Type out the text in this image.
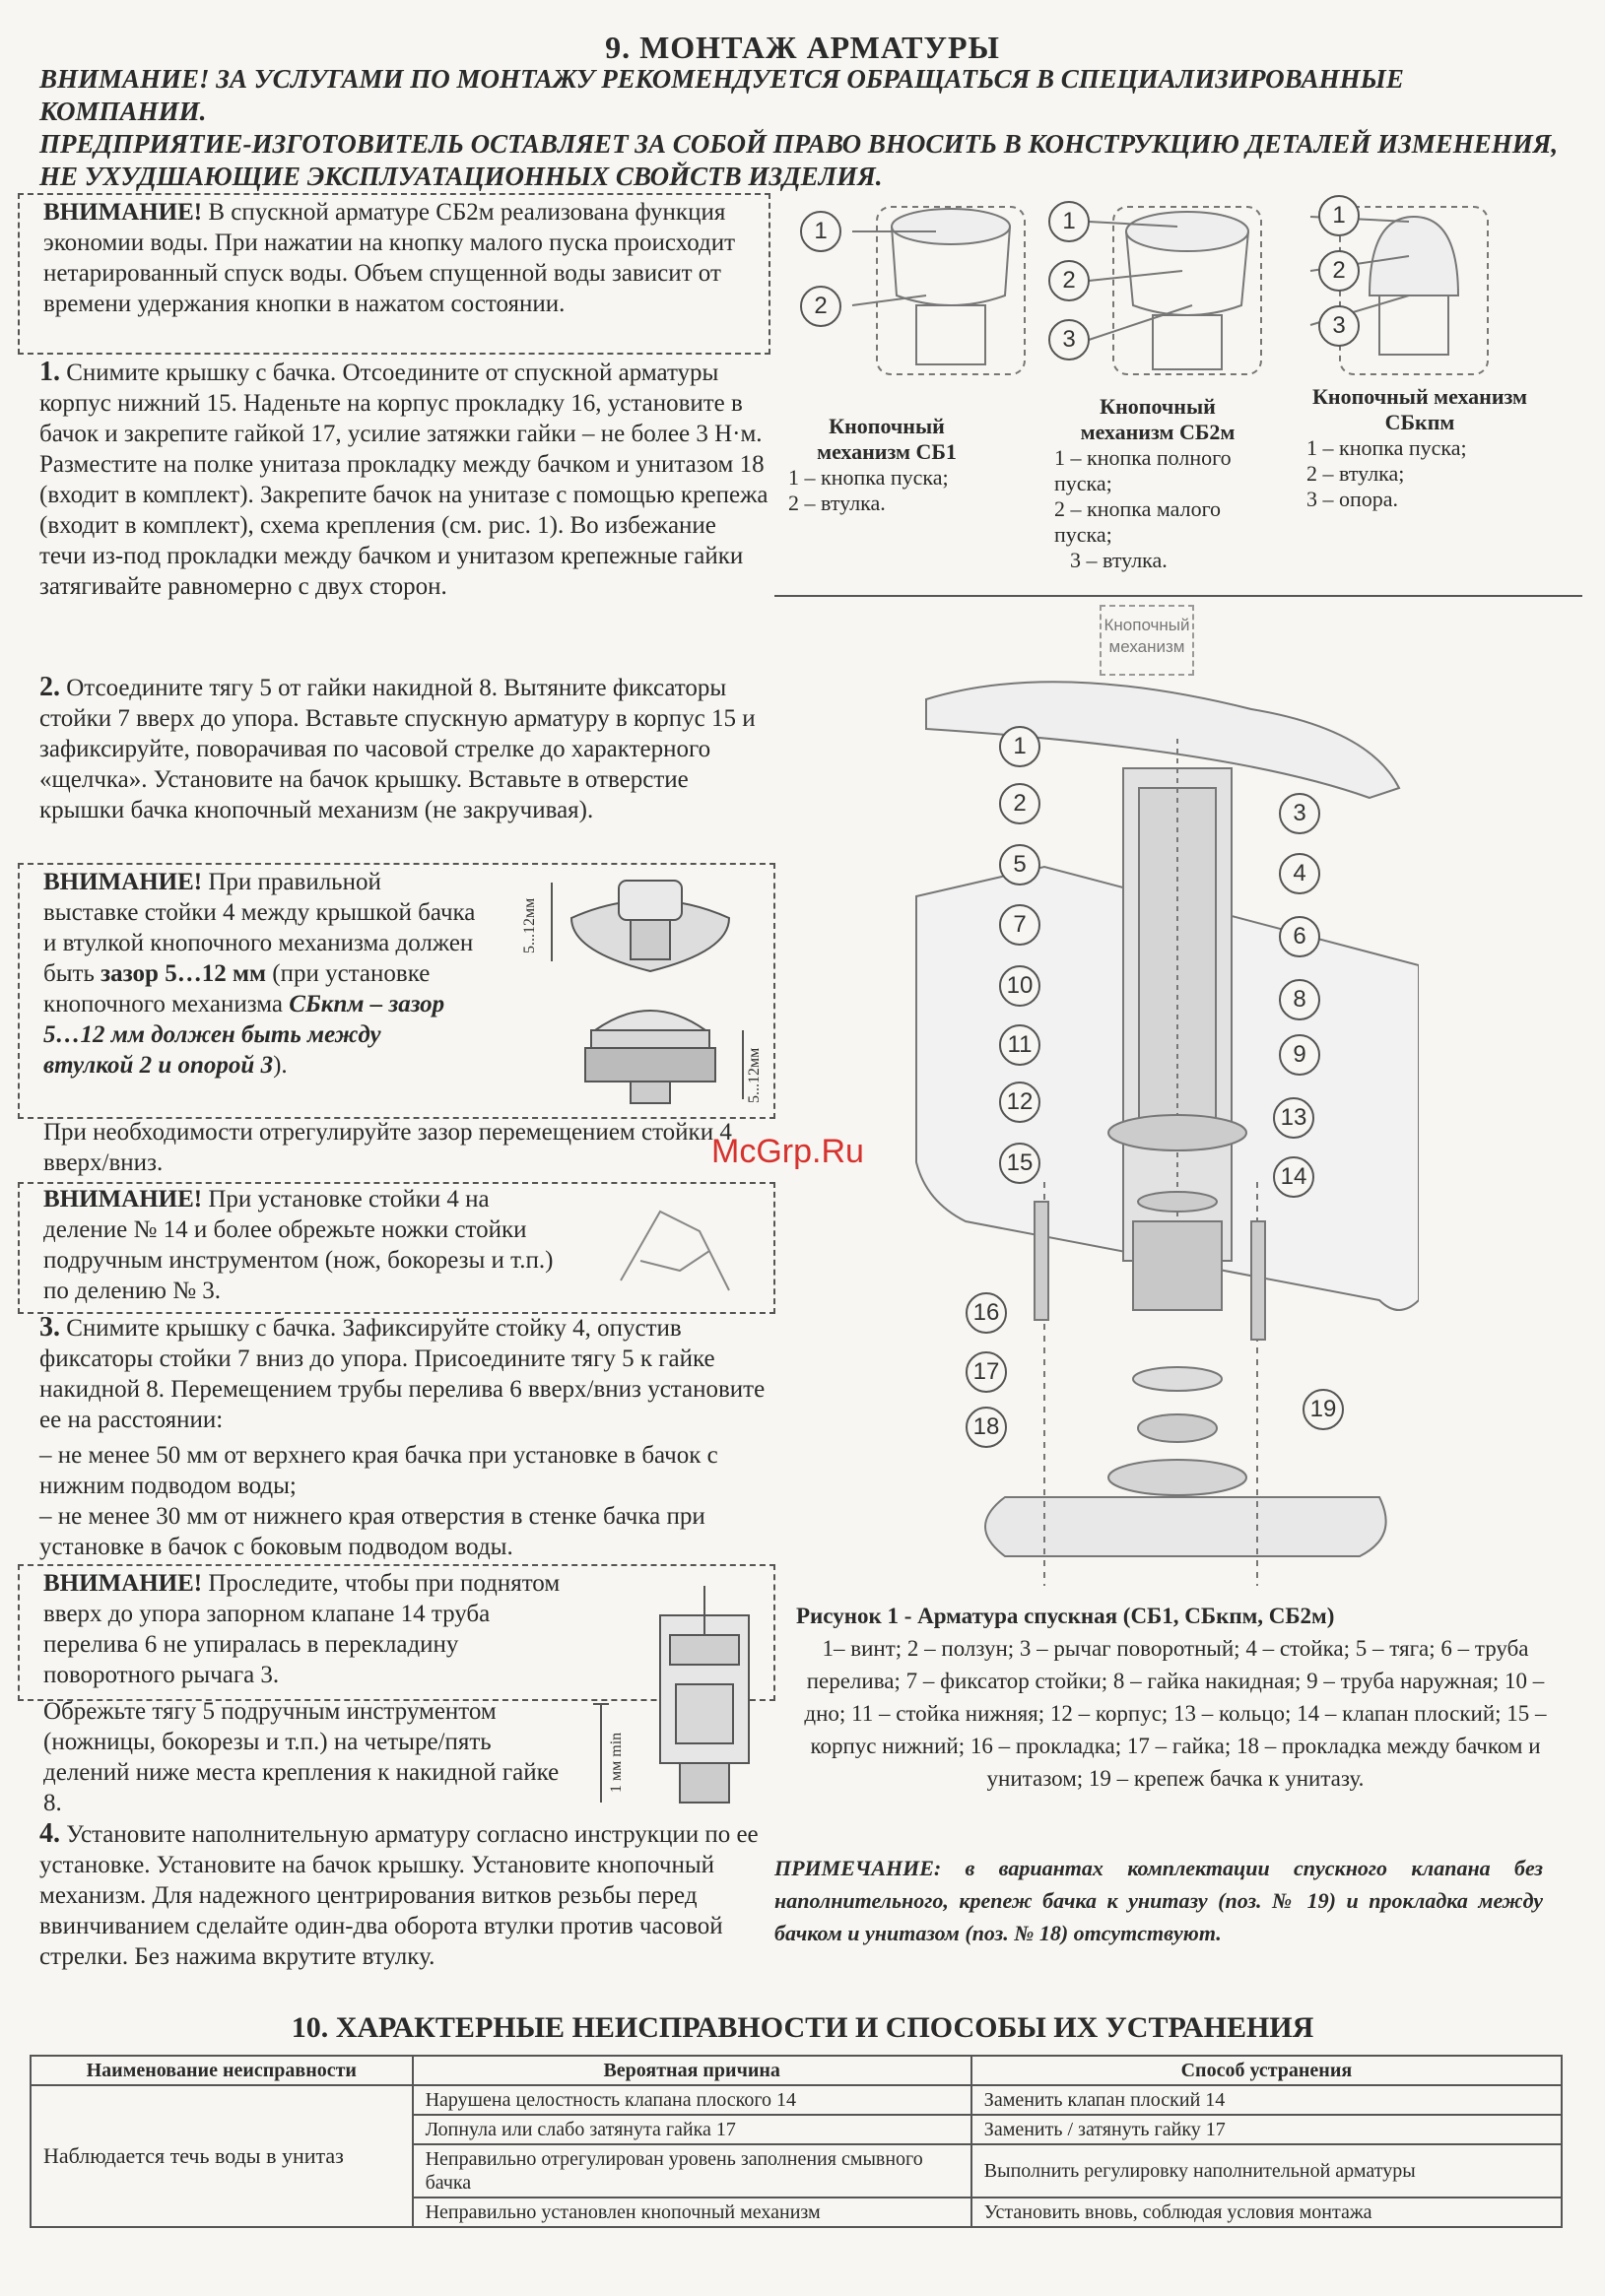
9. МОНТАЖ АРМАТУРЫ
ВНИМАНИЕ! ЗА УСЛУГАМИ ПО МОНТАЖУ РЕКОМЕНДУЕТСЯ ОБРАЩАТЬСЯ В СПЕЦИАЛИЗИРОВАННЫЕ КОМПАНИИ.
ПРЕДПРИЯТИЕ-ИЗГОТОВИТЕЛЬ ОСТАВЛЯЕТ ЗА СОБОЙ ПРАВО ВНОСИТЬ В КОНСТРУКЦИЮ ДЕТАЛЕЙ ИЗМЕНЕНИЯ, НЕ УХУДШАЮЩИЕ ЭКСПЛУАТАЦИОННЫХ СВОЙСТВ ИЗДЕЛИЯ.
ВНИМАНИЕ! В спускной арматуре СБ2м реализована функция экономии воды. При нажатии на кнопку малого пуска происходит нетарированный спуск воды. Объем спущенной воды зависит от времени удержания кнопки в нажатом состоянии.
1. Снимите крышку с бачка. Отсоедините от спускной арматуры корпус нижний 15. Наденьте на корпус прокладку 16, установите в бачок и закрепите гайкой 17, усилие затяжки гайки – не более 3 Н·м. Разместите на полке унитаза прокладку между бачком и унитазом 18 (входит в комплект). Закрепите бачок на унитазе с помощью крепежа (входит в комплект), схема крепления (см. рис. 1). Во избежание течи из-под прокладки между бачком и унитазом крепежные гайки затягивайте равномерно с двух сторон.
2. Отсоедините тягу 5 от гайки накидной 8. Вытяните фиксаторы стойки 7 вверх до упора. Вставьте спускную арматуру в корпус 15 и зафиксируйте, поворачивая по часовой стрелке до характерного «щелчка». Установите на бачок крышку. Вставьте в отверстие крышки бачка кнопочный механизм (не закручивая).
ВНИМАНИЕ! При правильной выставке стойки 4 между крышкой бачка и втулкой кнопочного механизма должен быть зазор 5…12 мм (при установке кнопочного механизма СБкпм – зазор 5…12 мм должен быть между втулкой 2 и опорой 3).
5...12мм
5...12мм
При необходимости отрегулируйте зазор перемещением стойки 4 вверх/вниз.
ВНИМАНИЕ! При установке стойки 4 на деление № 14 и более обрежьте ножки стойки подручным инструментом (нож, бокорезы и т.п.) по делению № 3.
3. Снимите крышку с бачка. Зафиксируйте стойку 4, опустив фиксаторы стойки 7 вниз до упора. Присоедините тягу 5 к гайке накидной 8. Перемещением трубы перелива 6 вверх/вниз установите ее на расстоянии:
– не менее 50 мм от верхнего края бачка при установке в бачок с нижним подводом воды;
– не менее 30 мм от нижнего края отверстия в стенке бачка при установке в бачок с боковым подводом воды.
ВНИМАНИЕ! Проследите, чтобы при поднятом вверх до упора запорном клапане 14 труба перелива 6 не упиралась в перекладину поворотного рычага 3.
Обрежьте тягу 5 подручным инструментом (ножницы, бокорезы и т.п.) на четыре/пять делений ниже места крепления к накидной гайке 8.
1 мм min
4. Установите наполнительную арматуру согласно инструкции по ее установке. Установите на бачок крышку. Установите кнопочный механизм. Для надежного центрирования витков резьбы перед ввинчиванием сделайте один-два оборота втулки против часовой стрелки. Без нажима вкрутите втулку.
1
2
1
2
3
1
2
3
Кнопочный механизм СБ1
1 – кнопка пуска;
2 – втулка.
Кнопочный механизм СБ2м
1 – кнопка полного пуска;
2 – кнопка малого пуска;
3 – втулка.
Кнопочный механизм СБкпм
1 – кнопка пуска;
2 – втулка;
3 – опора.
Кнопочный механизм
1
2	3
4
5
6
7
8
9
10
11
12
13
14
15
16
17
18
19
Рисунок 1 - Арматура спускная (СБ1, СБкпм, СБ2м)
1– винт; 2 – ползун; 3 – рычаг поворотный; 4 – стойка; 5 – тяга; 6 – труба перелива; 7 – фиксатор стойки; 8 – гайка накидная; 9 – труба наружная; 10 – дно; 11 – стойка нижняя; 12 – корпус; 13 – кольцо; 14 – клапан плоский; 15 – корпус нижний; 16 – прокладка; 17 – гайка; 18 – прокладка между бачком и унитазом; 19 – крепеж бачка к унитазу.
ПРИМЕЧАНИЕ: в вариантах комплектации спускного клапана без наполнительного, крепеж бачка к унитазу (поз. № 19) и прокладка между бачком и унитазом (поз. № 18) отсутствуют.
10. ХАРАКТЕРНЫЕ НЕИСПРАВНОСТИ И СПОСОБЫ ИХ УСТРАНЕНИЯ
Наименование неисправности	Вероятная причина	Способ устранения
Наблюдается течь воды в унитаз	Нарушена целостность клапана плоского 14	Заменить клапан плоский 14
	Лопнула или слабо затянута гайка 17	Заменить / затянуть гайку 17
	Неправильно отрегулирован уровень заполнения смывного бачка	Выполнить регулировку наполнительной арматуры
	Неправильно установлен кнопочный механизм	Установить вновь, соблюдая условия монтажа
McGrp.Ru
